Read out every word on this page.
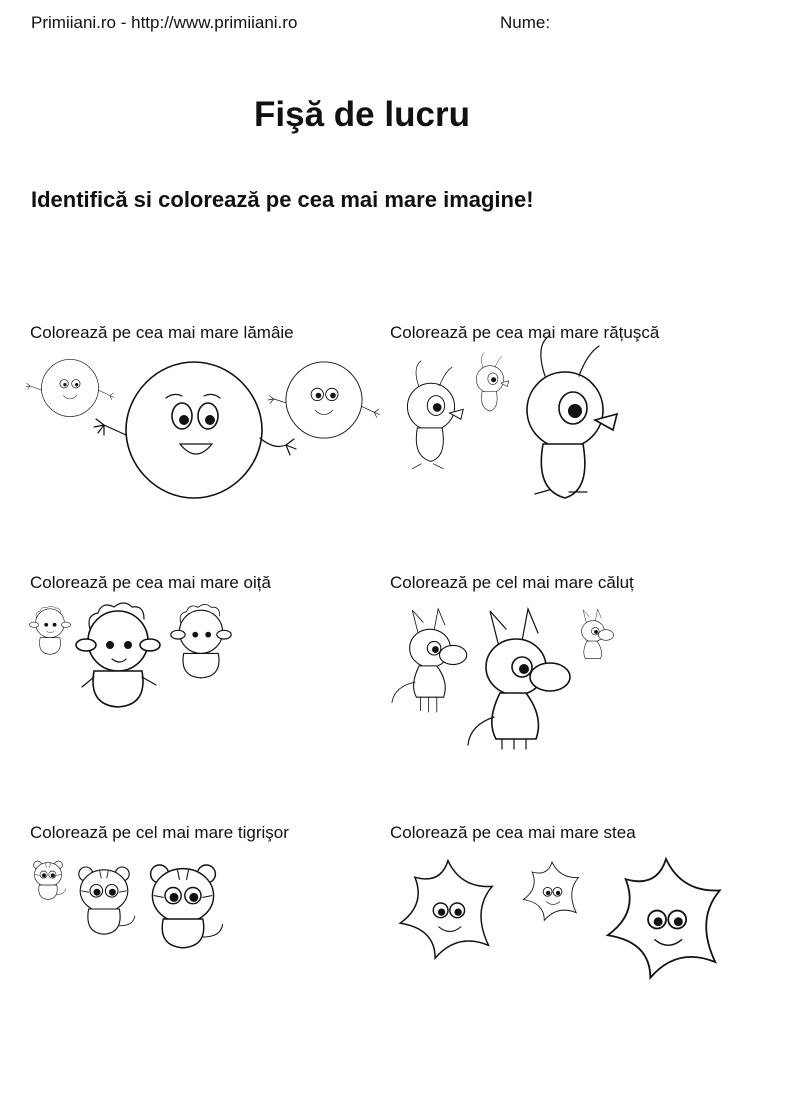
Primiiani.ro - http://www.primiiani.ro	Nume:
Fişă de lucru

Identifică si colorează pe cea mai mare imagine!

Colorează pe cea mai mare lămâie	Colorează pe cea mai mare rățuşcă
Colorează pe cea mai mare oiță	Colorează pe cel mai mare căluț
Colorează pe cel mai mare tigrişor	Colorează pe cea mai mare stea
